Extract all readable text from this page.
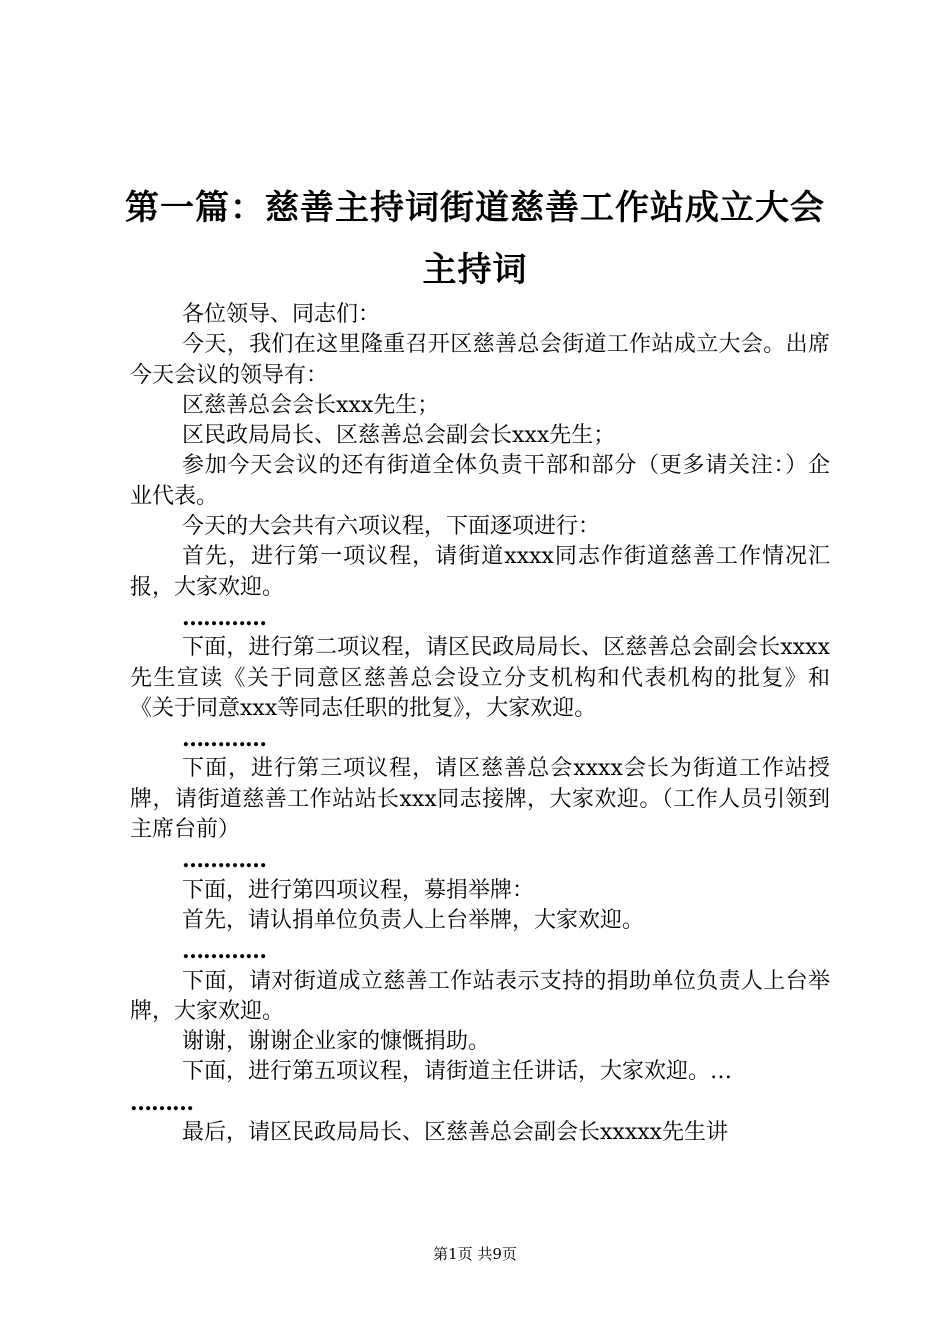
第一篇：慈善主持词街道慈善工作站成立大会
主持词

各位领导、同志们：

今天，我们在这里隆重召开区慈善总会街道工作站成立大会。出席今天会议的领导有：

区慈善总会会长xxx先生；

区民政局局长、区慈善总会副会长xxx先生；

参加今天会议的还有街道全体负责干部和部分（更多请关注：）企业代表。

今天的大会共有六项议程，下面逐项进行：

首先，进行第一项议程，请街道xxxx同志作街道慈善工作情况汇报，大家欢迎。

…………

下面，进行第二项议程，请区民政局局长、区慈善总会副会长xxxx先生宣读《关于同意区慈善总会设立分支机构和代表机构的批复》和《关于同意xxx等同志任职的批复》，大家欢迎。

…………

下面，进行第三项议程，请区慈善总会xxxx会长为街道工作站授牌，请街道慈善工作站站长xxx同志接牌，大家欢迎。（工作人员引领到主席台前）

…………

下面，进行第四项议程，募捐举牌：

首先，请认捐单位负责人上台举牌，大家欢迎。

…………

下面，请对街道成立慈善工作站表示支持的捐助单位负责人上台举牌，大家欢迎。

谢谢，谢谢企业家的慷慨捐助。

下面，进行第五项议程，请街道主任讲话，大家欢迎。…

………

最后，请区民政局局长、区慈善总会副会长xxxxx先生讲

第1页 共9页
